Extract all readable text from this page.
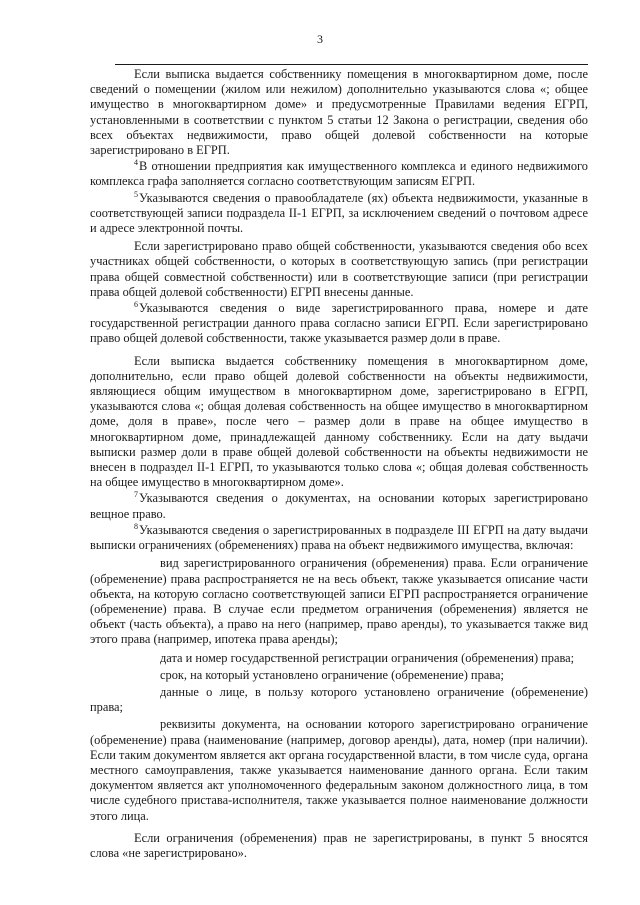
3

Если выписка выдается собственнику помещения в многоквартирном доме, после сведений о помещении (жилом или нежилом) дополнительно указываются слова «; общее имущество в многоквартирном доме» и предусмотренные Правилами ведения ЕГРП, установленными в соответствии с пунктом 5 статьи 12 Закона о регистрации, сведения обо всех объектах недвижимости, право общей долевой собственности на которые зарегистрировано в ЕГРП.

$^4$В отношении предприятия как имущественного комплекса и единого недвижимого комплекса графа заполняется согласно соответствующим записям ЕГРП.

$^5$Указываются сведения о правообладателе (ях) объекта недвижимости, указанные в соответствующей записи подраздела II-1 ЕГРП, за исключением сведений о почтовом адресе и адресе электронной почты.

Если зарегистрировано право общей собственности, указываются сведения обо всех участниках общей собственности, о которых в соответствующую запись (при регистрации права общей совместной собственности) или в соответствующие записи (при регистрации права общей долевой собственности) ЕГРП внесены данные.

$^6$Указываются сведения о виде зарегистрированного права, номере и дате государственной регистрации данного права согласно записи ЕГРП. Если зарегистрировано право общей долевой собственности, также указывается размер доли в праве.

Если выписка выдается собственнику помещения в многоквартирном доме, дополнительно, если право общей долевой собственности на объекты недвижимости, являющиеся общим имуществом в многоквартирном доме, зарегистрировано в ЕГРП, указываются слова «; общая долевая собственность на общее имущество в многоквартирном доме, доля в праве», после чего – размер доли в праве на общее имущество в многоквартирном доме, принадлежащей данному собственнику. Если на дату выдачи выписки размер доли в праве общей долевой собственности на объекты недвижимости не внесен в подраздел II-1 ЕГРП, то указываются только слова «; общая долевая собственность на общее имущество в многоквартирном доме».

$^7$Указываются сведения о документах, на основании которых зарегистрировано вещное право.

$^8$Указываются сведения о зарегистрированных в подразделе III ЕГРП на дату выдачи выписки ограничениях (обременениях) права на объект недвижимого имущества, включая:

вид зарегистрированного ограничения (обременения) права. Если ограничение (обременение) права распространяется не на весь объект, также указывается описание части объекта, на которую согласно соответствующей записи ЕГРП распространяется ограничение (обременение) права. В случае если предметом ограничения (обременения) является не объект (часть объекта), а право на него (например, право аренды), то указывается также вид этого права (например, ипотека права аренды);

дата и номер государственной регистрации ограничения (обременения) права;

срок, на который установлено ограничение (обременение) права;

данные о лице, в пользу которого установлено ограничение (обременение) права;

реквизиты документа, на основании которого зарегистрировано ограничение (обременение) права (наименование (например, договор аренды), дата, номер (при наличии). Если таким документом является акт органа государственной власти, в том числе суда, органа местного самоуправления, также указывается наименование данного органа. Если таким документом является акт уполномоченного федеральным законом должностного лица, в том числе судебного пристава-исполнителя, также указывается полное наименование должности этого лица.

Если ограничения (обременения) прав не зарегистрированы, в пункт 5 вносятся слова «не зарегистрировано».
